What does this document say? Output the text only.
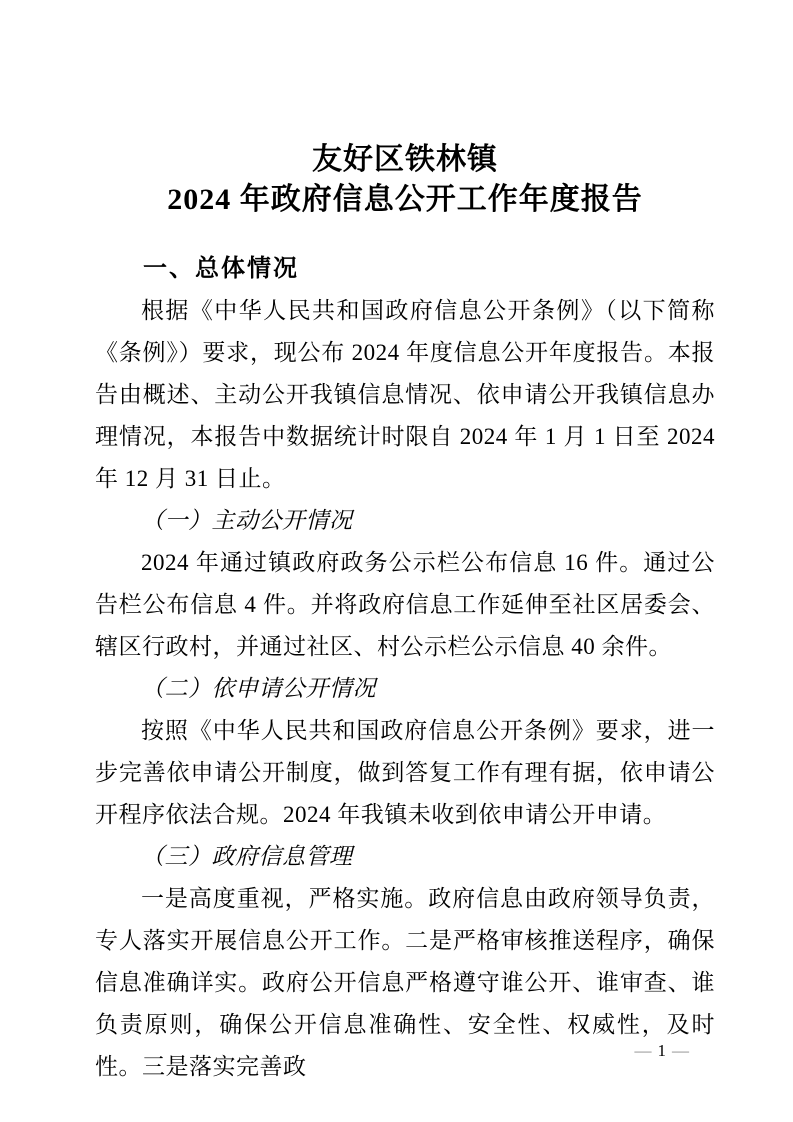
友好区铁林镇
2024 年政府信息公开工作年度报告
一、总体情况
根据《中华人民共和国政府信息公开条例》（以下简称《条例》）要求，现公布 2024 年度信息公开年度报告。本报告由概述、主动公开我镇信息情况、依申请公开我镇信息办理情况，本报告中数据统计时限自 2024 年 1 月 1 日至 2024 年 12 月 31 日止。
（一）主动公开情况
2024 年通过镇政府政务公示栏公布信息 16 件。通过公告栏公布信息 4 件。并将政府信息工作延伸至社区居委会、辖区行政村，并通过社区、村公示栏公示信息 40 余件。
（二）依申请公开情况
按照《中华人民共和国政府信息公开条例》要求，进一步完善依申请公开制度，做到答复工作有理有据，依申请公开程序依法合规。2024 年我镇未收到依申请公开申请。
（三）政府信息管理
一是高度重视，严格实施。政府信息由政府领导负责，专人落实开展信息公开工作。二是严格审核推送程序，确保信息准确详实。政府公开信息严格遵守谁公开、谁审查、谁负责原则，确保公开信息准确性、安全性、权威性，及时性。三是落实完善政
— 1 —
